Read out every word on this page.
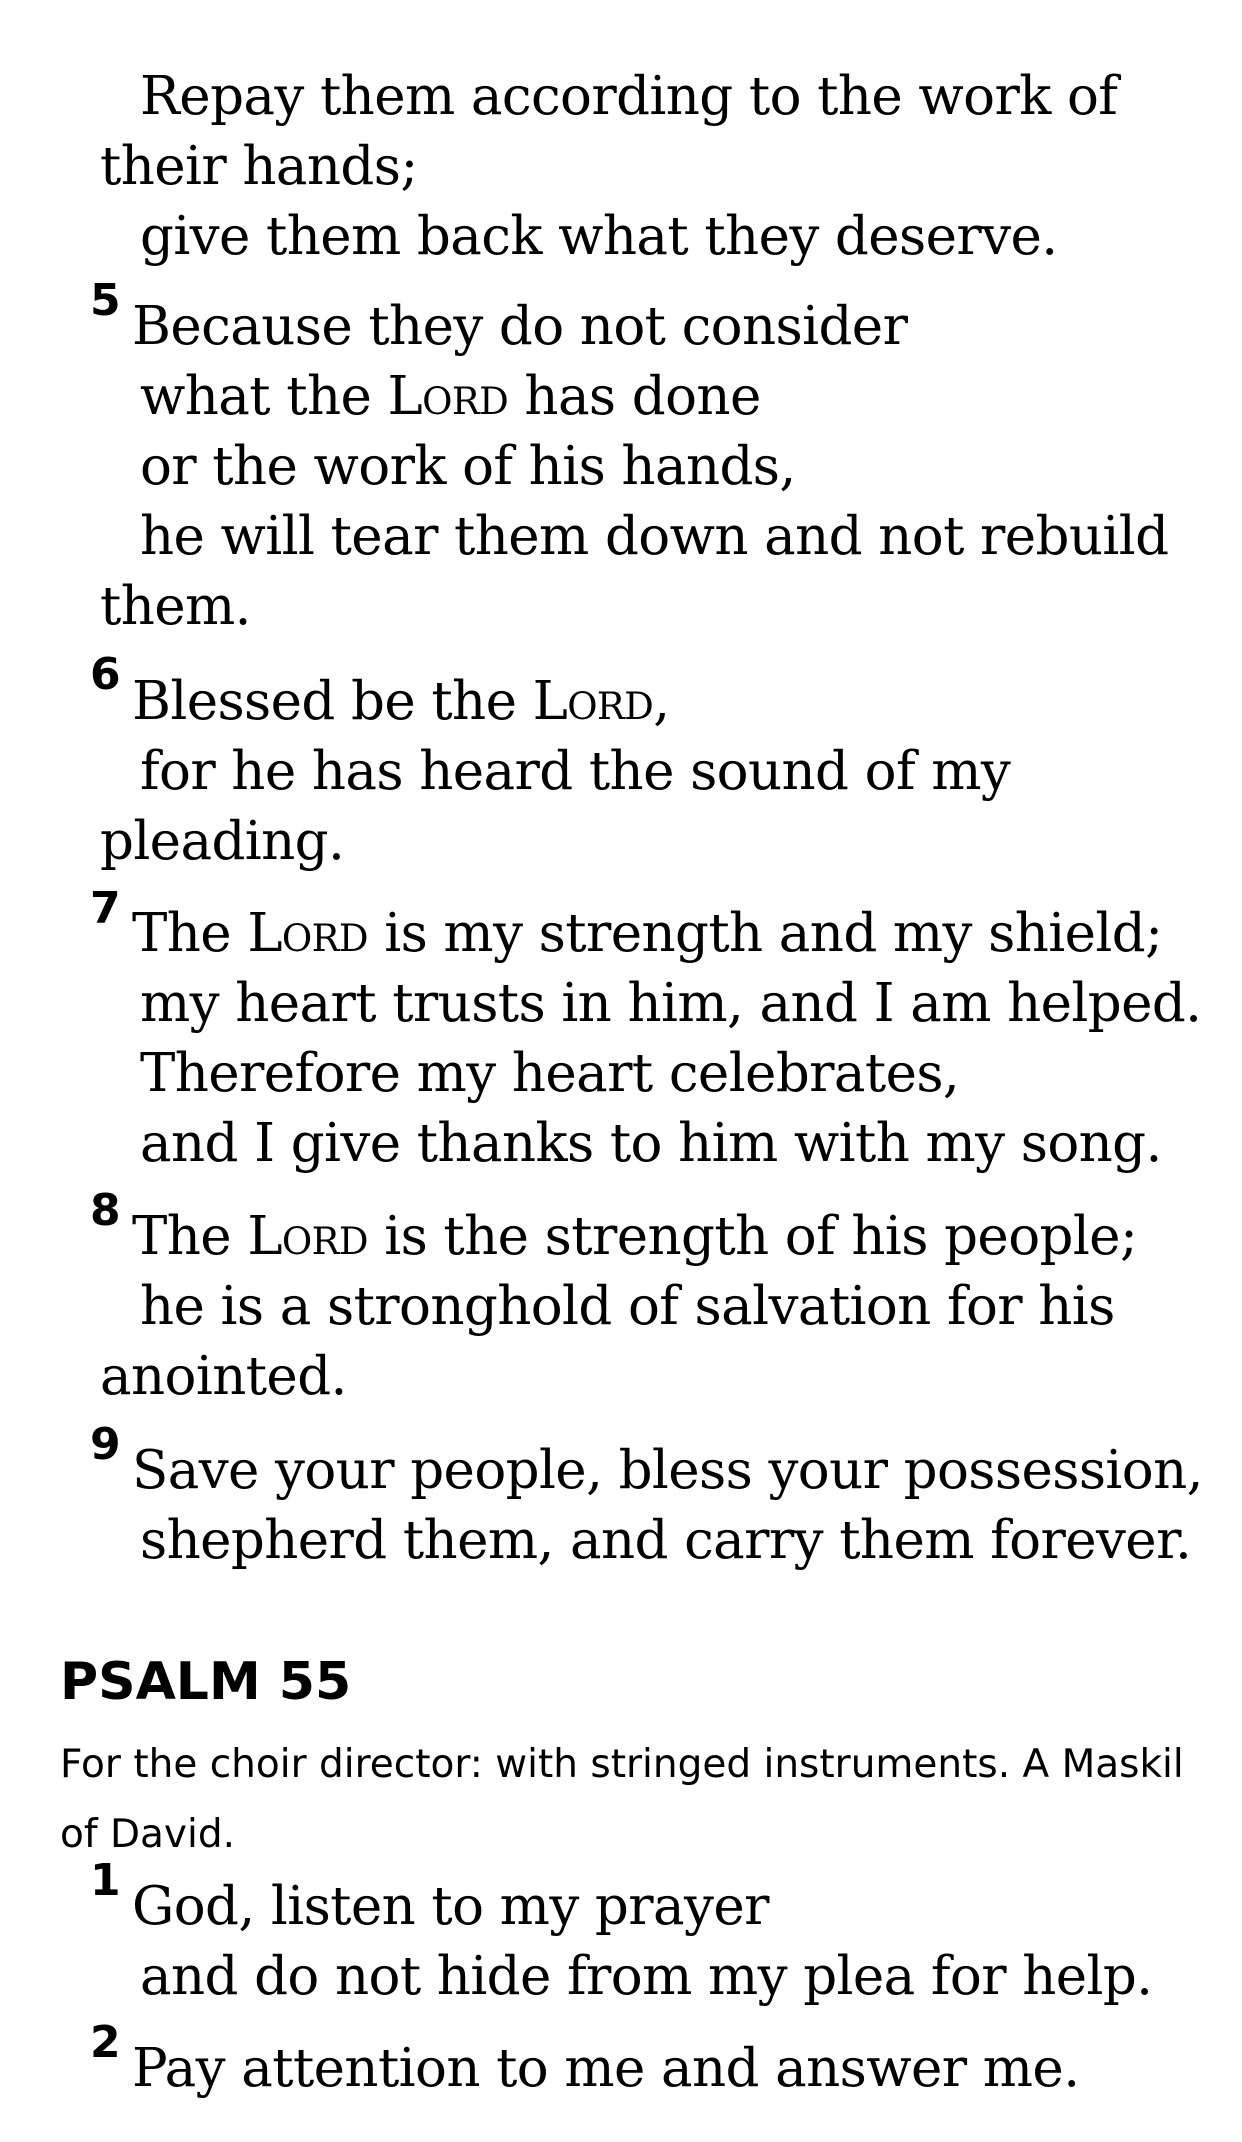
Repay them according to the work of
their hands;
give them back what they deserve.
5 Because they do not consider
what the Lord has done
or the work of his hands,
he will tear them down and not rebuild
them.
6 Blessed be the Lord,
for he has heard the sound of my
pleading.
7 The Lord is my strength and my shield;
my heart trusts in him, and I am helped.
Therefore my heart celebrates,
and I give thanks to him with my song.
8 The Lord is the strength of his people;
he is a stronghold of salvation for his
anointed.
9 Save your people, bless your possession,
shepherd them, and carry them forever.
PSALM 55
For the choir director: with stringed instruments. A Maskil of David.
1 God, listen to my prayer
and do not hide from my plea for help.
2 Pay attention to me and answer me.
